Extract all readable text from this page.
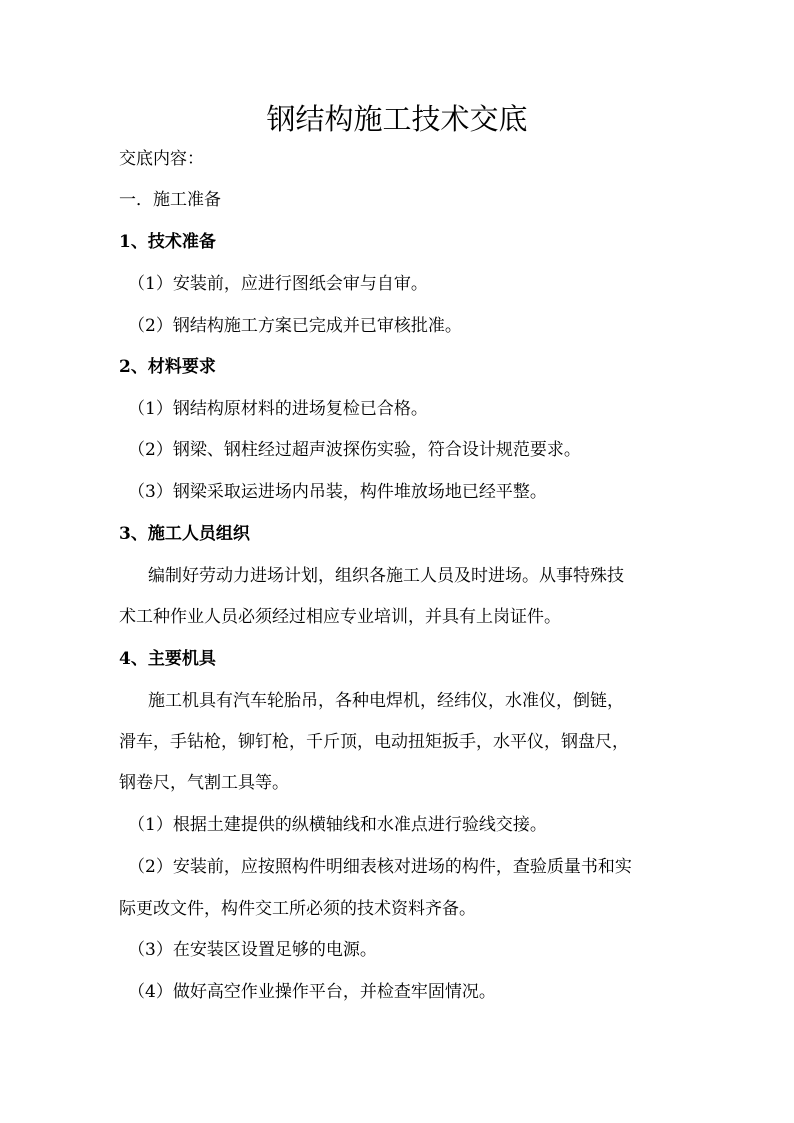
钢结构施工技术交底
交底内容：
一．施工准备
1、技术准备
（1）安装前，应进行图纸会审与自审。
（2）钢结构施工方案已完成并已审核批准。
2、材料要求
（1）钢结构原材料的进场复检已合格。
（2）钢梁、钢柱经过超声波探伤实验，符合设计规范要求。
（3）钢梁采取运进场内吊装，构件堆放场地已经平整。
3、施工人员组织
编制好劳动力进场计划，组织各施工人员及时进场。从事特殊技
术工种作业人员必须经过相应专业培训，并具有上岗证件。
4、主要机具
施工机具有汽车轮胎吊，各种电焊机，经纬仪，水准仪，倒链，
滑车，手钻枪，铆钉枪，千斤顶，电动扭矩扳手，水平仪，钢盘尺，
钢卷尺，气割工具等。
（1）根据土建提供的纵横轴线和水准点进行验线交接。
（2）安装前，应按照构件明细表核对进场的构件，查验质量书和实
际更改文件，构件交工所必须的技术资料齐备。
（3）在安装区设置足够的电源。
（4）做好高空作业操作平台，并检查牢固情况。
